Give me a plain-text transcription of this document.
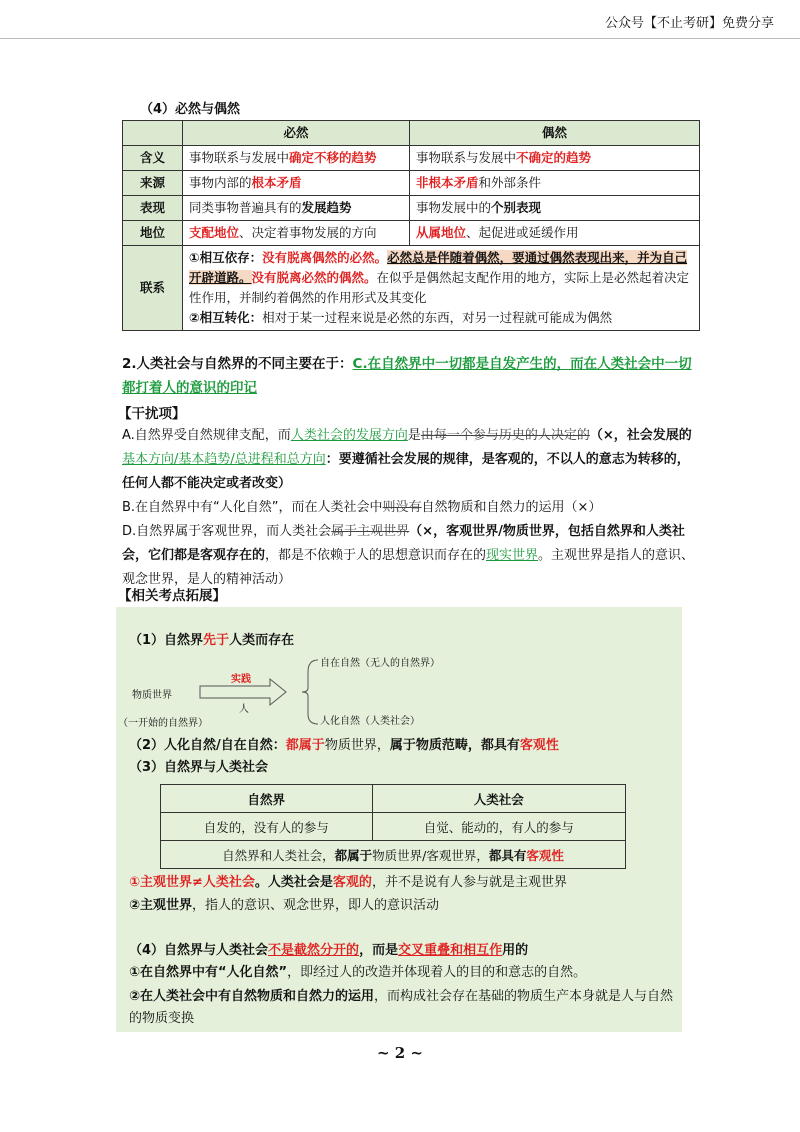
公众号【不止考研】免费分享
（4）必然与偶然
	必然	偶然
含义	事物联系与发展中确定不移的趋势	事物联系与发展中不确定的趋势
来源	事物内部的根本矛盾	非根本矛盾和外部条件
表现	同类事物普遍具有的发展趋势	事物发展中的个别表现
地位	支配地位、决定着事物发展的方向	从属地位、起促进或延缓作用
联系	①相互依存：没有脱离偶然的必然。必然总是伴随着偶然，要通过偶然表现出来，并为自己开辟道路。没有脱离必然的偶然。在似乎是偶然起支配作用的地方，实际上是必然起着决定性作用，并制约着偶然的作用形式及其变化
②相互转化：相对于某一过程来说是必然的东西，对另一过程就可能成为偶然	
2.人类社会与自然界的不同主要在于：C.在自然界中一切都是自发产生的，而在人类社会中一切都打着人的意识的印记
【干扰项】
A.自然界受自然规律支配，而人类社会的发展方向是由每一个参与历史的人决定的（×，社会发展的基本方向/基本趋势/总进程和总方向：要遵循社会发展的规律，是客观的，不以人的意志为转移的，任何人都不能决定或者改变）
B.在自然界中有“人化自然”，而在人类社会中则没有自然物质和自然力的运用（×）
D.自然界属于客观世界，而人类社会属于主观世界（×，客观世界/物质世界，包括自然界和人类社会，它们都是客观存在的，都是不依赖于人的思想意识而存在的现实世界。主观世界是指人的意识、观念世界，是人的精神活动）
【相关考点拓展】
（1）自然界先于人类而存在
物质世界
（一开始的自然界）
实践
人
自在自然（无人的自然界）
人化自然（人类社会）
（2）人化自然/自在自然：都属于物质世界，属于物质范畴，都具有客观性
（3）自然界与人类社会
自然界	人类社会
自发的，没有人的参与	自觉、能动的，有人的参与
自然界和人类社会，都属于物质世界/客观世界，都具有客观性	
①主观世界≠人类社会。人类社会是客观的，并不是说有人参与就是主观世界
②主观世界，指人的意识、观念世界，即人的意识活动
（4）自然界与人类社会不是截然分开的，而是交叉重叠和相互作用的
①在自然界中有“人化自然”，即经过人的改造并体现着人的目的和意志的自然。
②在人类社会中有自然物质和自然力的运用，而构成社会存在基础的物质生产本身就是人与自然的物质变换
~ 2 ~
